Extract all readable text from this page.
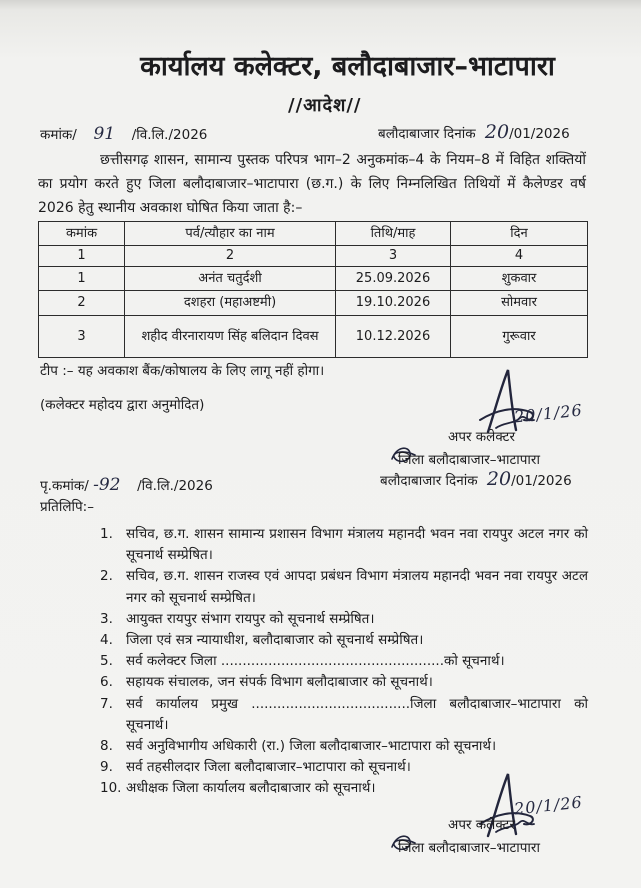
कार्यालय कलेक्टर, बलौदाबाजार–भाटापारा
//आदेश//
कमांक/ 91 /वि.लि./2026	बलौदाबाजार दिनांक 20/01/2026
छत्तीसगढ़ शासन, सामान्य पुस्तक परिपत्र भाग–2 अनुकमांक–4 के नियम–8 में विहित शक्तियों का प्रयोग करते हुए जिला बलौदाबाजार–भाटापारा (छ.ग.) के लिए निम्नलिखित तिथियों में कैलेण्डर वर्ष 2026 हेतु स्थानीय अवकाश घोषित किया जाता है:–
कमांक	पर्व/त्यौहार का नाम	तिथि/माह	दिन
1	2	3	4
1	अनंत चतुर्दशी	25.09.2026	शुकवार
2	दशहरा (महाअष्टमी)	19.10.2026	सोमवार
3	शहीद वीरनारायण सिंह बलिदान दिवस	10.12.2026	गुरूवार
टीप :– यह अवकाश बैंक/कोषालय के लिए लागू नहीं होगा।
(कलेक्टर महोदय द्वारा अनुमोदित)	20/1/26
अपर कलेक्टर
जिला बलौदाबाजार–भाटापारा
बलौदाबाजार दिनांक 20/01/2026
पृ.कमांक/ -92 /वि.लि./2026
प्रतिलिपि:–
1. सचिव, छ.ग. शासन सामान्य प्रशासन विभाग मंत्रालय महानदी भवन नवा रायपुर अटल नगर को सूचनार्थ सम्प्रेषित।
2. सचिव, छ.ग. शासन राजस्व एवं आपदा प्रबंधन विभाग मंत्रालय महानदी भवन नवा रायपुर अटल नगर को सूचनार्थ सम्प्रेषित।
3. आयुक्त रायपुर संभाग रायपुर को सूचनार्थ सम्प्रेषित।
4. जिला एवं सत्र न्यायाधीश, बलौदाबाजार को सूचनार्थ सम्प्रेषित।
5. सर्व कलेक्टर जिला ....................................................को सूचनार्थ।
6. सहायक संचालक, जन संपर्क विभाग बलौदाबाजार को सूचनार्थ।
7. सर्व कार्यालय प्रमुख .....................................जिला बलौदाबाजार–भाटापारा को सूचनार्थ।
8. सर्व अनुविभागीय अधिकारी (रा.) जिला बलौदाबाजार–भाटापारा को सूचनार्थ।
9. सर्व तहसीलदार जिला बलौदाबाजार–भाटापारा को सूचनार्थ।
10. अधीक्षक जिला कार्यालय बलौदाबाजार को सूचनार्थ।
20/1/26
अपर कलेक्टर
जिला बलौदाबाजार–भाटापारा
